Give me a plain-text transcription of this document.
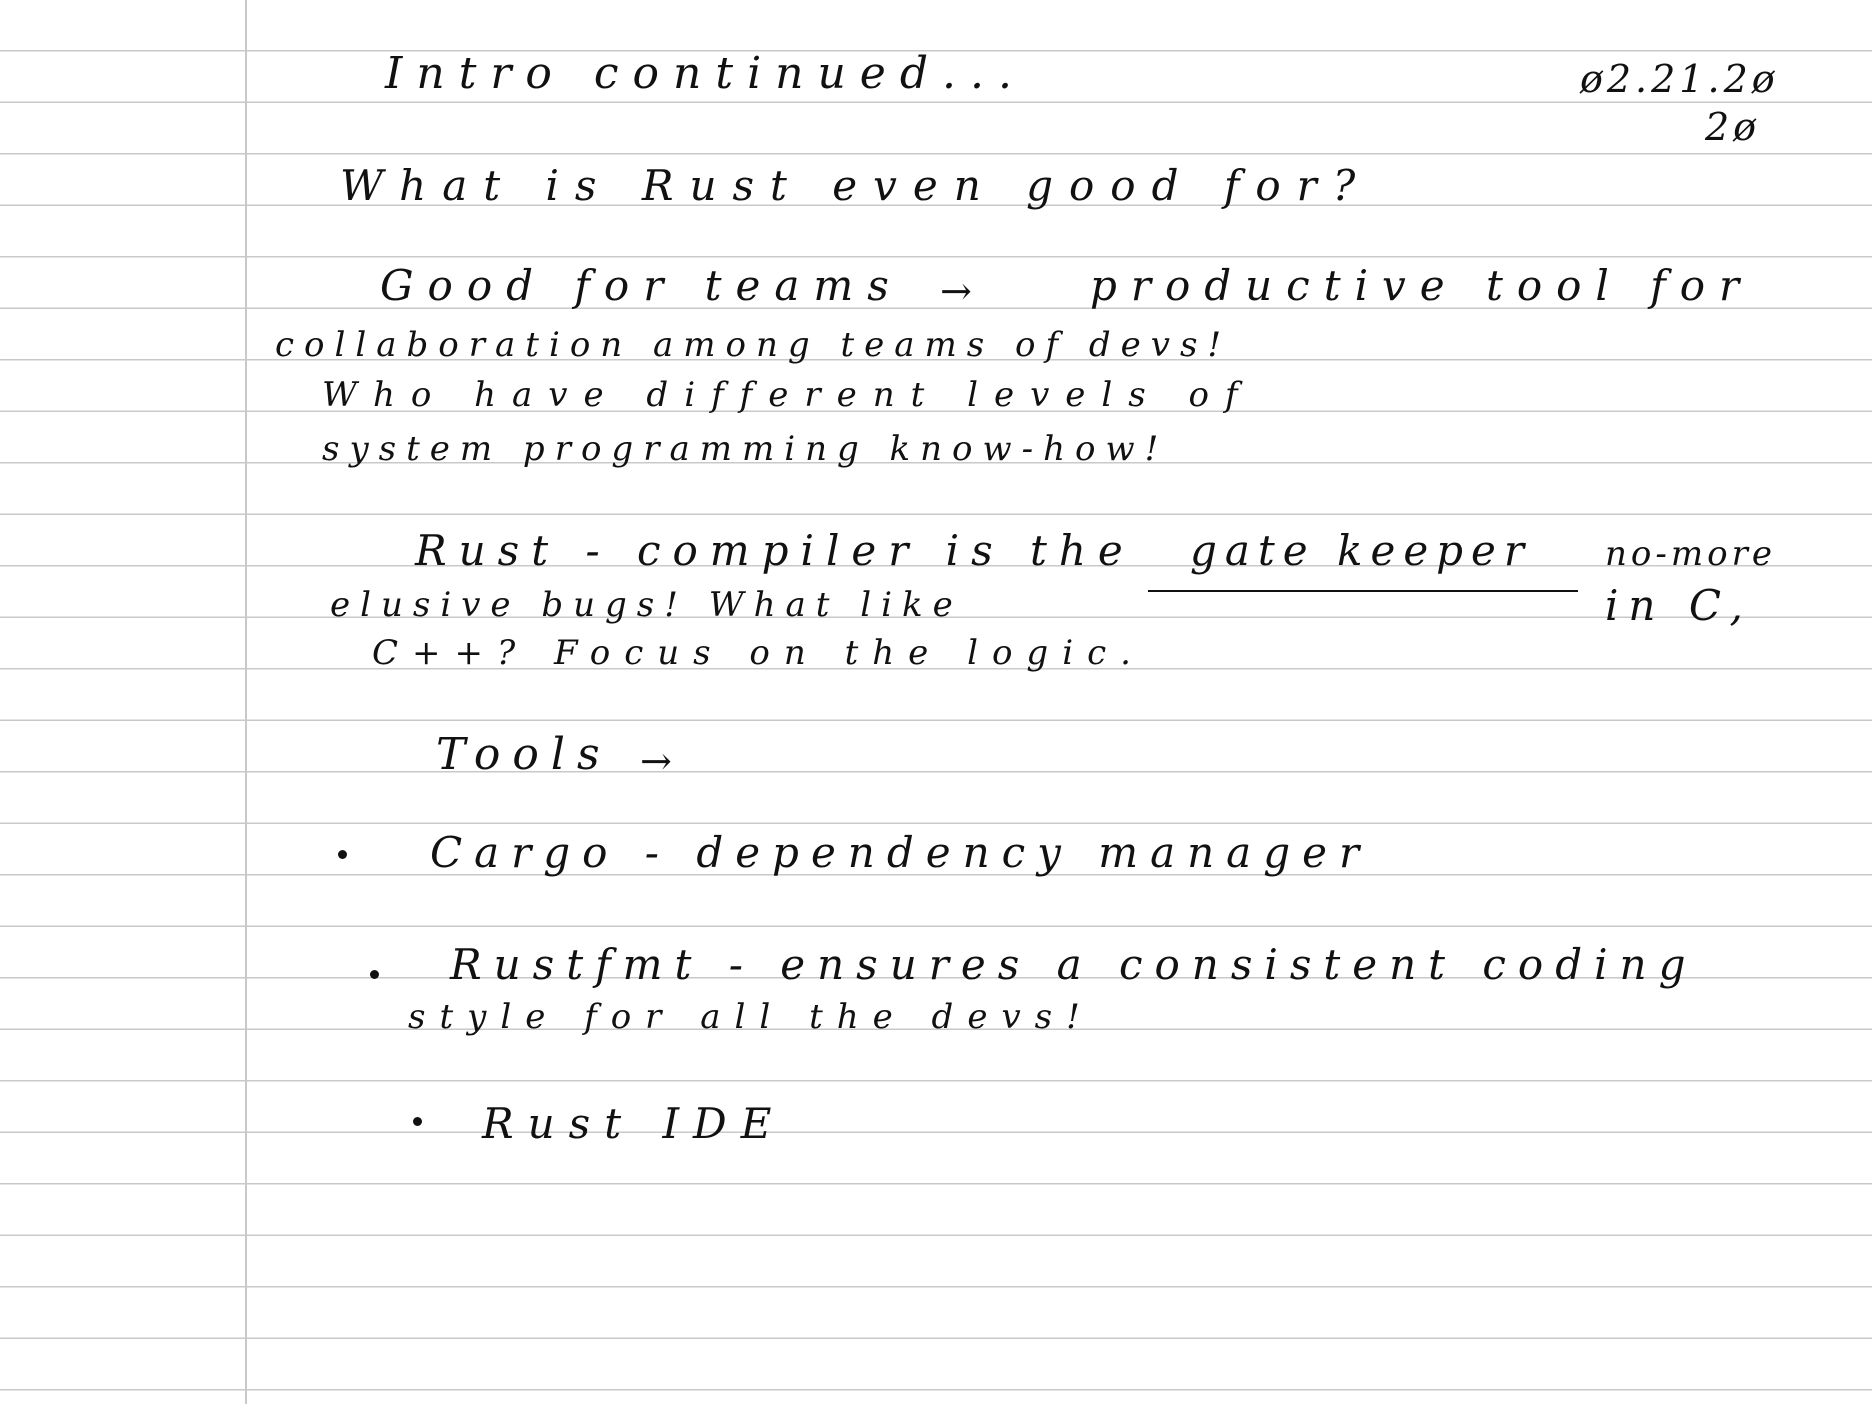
Intro continued...	ø2.21.2ø
2ø
What is Rust even good for?
Good for teams →	productive tool for
collaboration among teams of devs!
Who have different levels of
system programming know-how!
Rust - compiler is the gate keeper no-more
elusive bugs! What like	in C,
C++? Focus on the logic.
Tools →
Cargo - dependency manager
Rustfmt - ensures a consistent coding
style for all the devs!
Rust IDE
